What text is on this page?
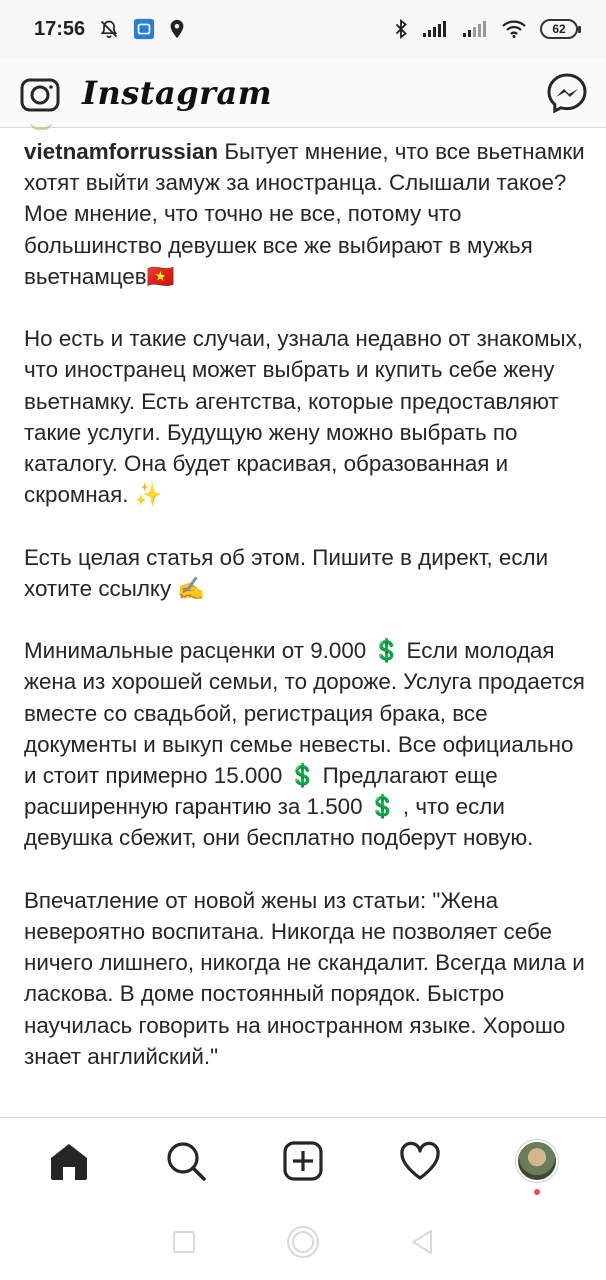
17:56	62
Instagram

vietnamforrussian Бытует мнение, что все вьетнамки хотят выйти замуж за иностранца. Слышали такое? Мое мнение, что точно не все, потому что большинство девушек все же выбирают в мужья вьетнамцев🇻🇳

Но есть и такие случаи, узнала недавно от знакомых, что иностранец может выбрать и купить себе жену вьетнамку. Есть агентства, которые предоставляют такие услуги. Будущую жену можно выбрать по каталогу. Она будет красивая, образованная и скромная. ✨

Есть целая статья об этом. Пишите в директ, если хотите ссылку ✍️

Минимальные расценки от 9.000 💲 Если молодая жена из хорошей семьи, то дороже. Услуга продается вместе со свадьбой, регистрация брака, все документы и выкуп семье невесты. Все официально и стоит примерно 15.000 💲 Предлагают еще расширенную гарантию за 1.500 💲 , что если девушка сбежит, они бесплатно подберут новую.

Впечатление от новой жены из статьи: "Жена невероятно воспитана. Никогда не позволяет себе ничего лишнего, никогда не скандалит. Всегда мила и ласкова. В доме постоянный порядок. Быстро научилась говорить на иностранном языке. Хорошо знает английский."
